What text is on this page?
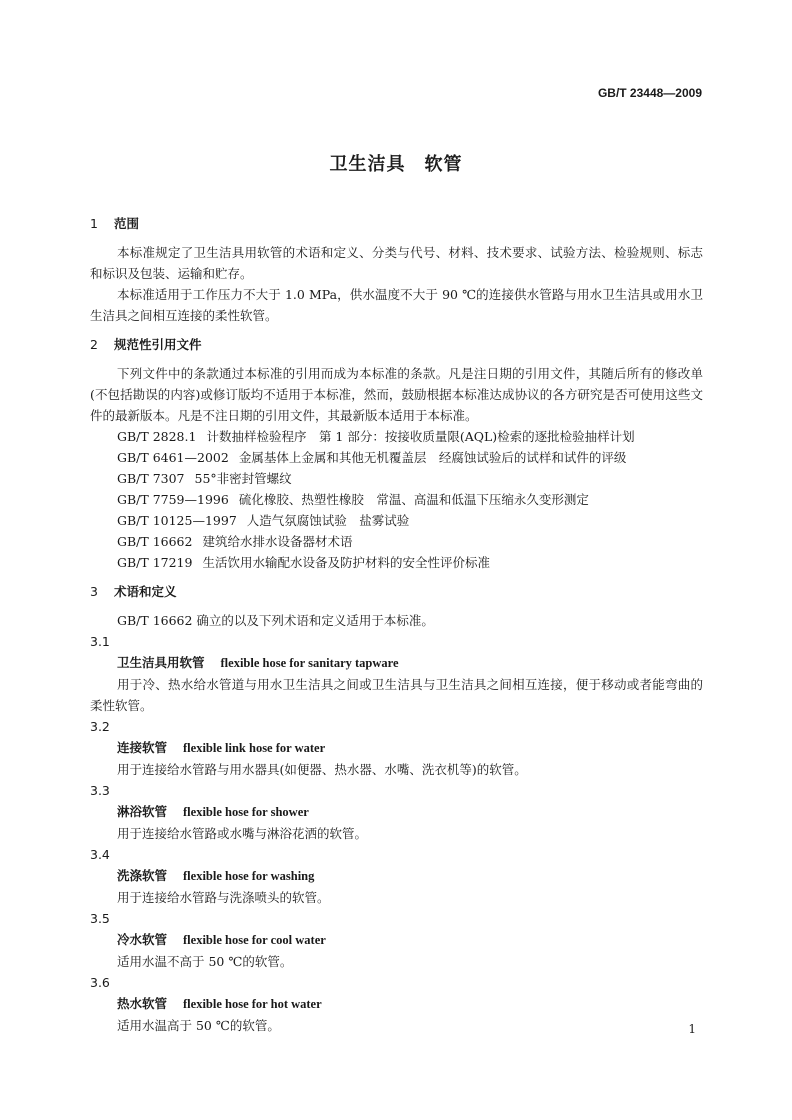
GB/T 23448—2009
卫生洁具　软管
1 范围
本标准规定了卫生洁具用软管的术语和定义、分类与代号、材料、技术要求、试验方法、检验规则、标志和标识及包装、运输和贮存。
本标准适用于工作压力不大于 1.0 MPa，供水温度不大于 90 ℃的连接供水管路与用水卫生洁具或用水卫生洁具之间相互连接的柔性软管。
2 规范性引用文件
下列文件中的条款通过本标准的引用而成为本标准的条款。凡是注日期的引用文件，其随后所有的修改单(不包括勘误的内容)或修订版均不适用于本标准，然而，鼓励根据本标准达成协议的各方研究是否可使用这些文件的最新版本。凡是不注日期的引用文件，其最新版本适用于本标准。
GB/T 2828.1 计数抽样检验程序　第 1 部分：按接收质量限(AQL)检索的逐批检验抽样计划
GB/T 6461—2002 金属基体上金属和其他无机覆盖层　经腐蚀试验后的试样和试件的评级
GB/T 7307 55°非密封管螺纹
GB/T 7759—1996 硫化橡胶、热塑性橡胶　常温、高温和低温下压缩永久变形测定
GB/T 10125—1997 人造气氛腐蚀试验　盐雾试验
GB/T 16662 建筑给水排水设备器材术语
GB/T 17219 生活饮用水输配水设备及防护材料的安全性评价标准
3 术语和定义
GB/T 16662 确立的以及下列术语和定义适用于本标准。
3.1
卫生洁具用软管 flexible hose for sanitary tapware
用于冷、热水给水管道与用水卫生洁具之间或卫生洁具与卫生洁具之间相互连接，便于移动或者能弯曲的柔性软管。
3.2
连接软管 flexible link hose for water
用于连接给水管路与用水器具(如便器、热水器、水嘴、洗衣机等)的软管。
3.3
淋浴软管 flexible hose for shower
用于连接给水管路或水嘴与淋浴花洒的软管。
3.4
洗涤软管 flexible hose for washing
用于连接给水管路与洗涤喷头的软管。
3.5
冷水软管 flexible hose for cool water
适用水温不高于 50 ℃的软管。
3.6
热水软管 flexible hose for hot water
适用水温高于 50 ℃的软管。	1
